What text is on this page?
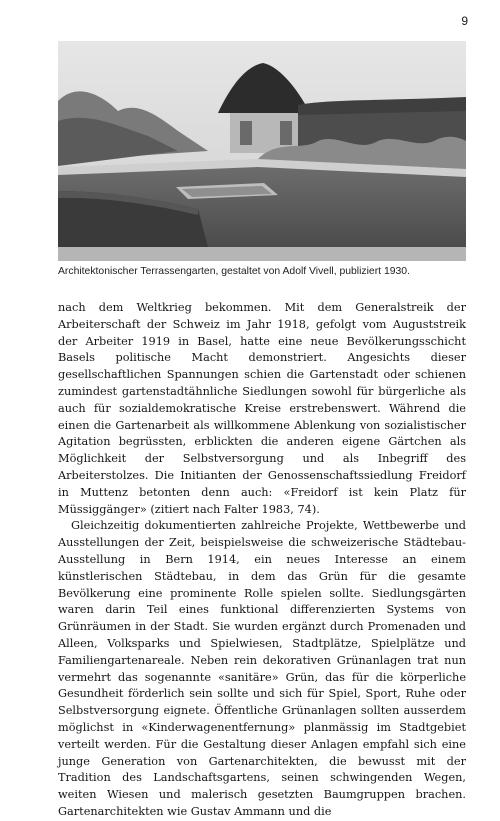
9
Architektonischer Terrassengarten, gestaltet von Adolf Vivell, publiziert 1930.

nach dem Weltkrieg bekommen. Mit dem Generalstreik der Arbeiterschaft der Schweiz im Jahr 1918, gefolgt vom Auguststreik der Arbeiter 1919 in Basel, hatte eine neue Bevölkerungsschicht Basels politische Macht demonstriert. Angesichts dieser gesellschaftlichen Spannungen schien die Gartenstadt oder schienen zumindest gartenstadtähnliche Siedlungen sowohl für bürgerliche als auch für sozialdemokratische Kreise erstrebenswert. Während die einen die Gartenarbeit als willkommene Ablenkung von sozialistischer Agitation begrüssten, erblickten die anderen eigene Gärtchen als Möglichkeit der Selbstversorgung und als Inbegriff des Arbeiterstolzes. Die Initianten der Genossenschaftssiedlung Freidorf in Muttenz betonten denn auch: «Freidorf ist kein Platz für Müssiggänger» (zitiert nach Falter 1983, 74).

Gleichzeitig dokumentierten zahlreiche Projekte, Wettbewerbe und Ausstellungen der Zeit, beispielsweise die schweizerische Städtebau-Ausstellung in Bern 1914, ein neues Interesse an einem künstlerischen Städtebau, in dem das Grün für die gesamte Bevölkerung eine prominente Rolle spielen sollte. Siedlungsgärten waren darin Teil eines funktional differenzierten Systems von Grünräumen in der Stadt. Sie wurden ergänzt durch Promenaden und Alleen, Volksparks und Spielwiesen, Stadtplätze, Spielplätze und Familiengartenareale. Neben rein dekorativen Grünanlagen trat nun vermehrt das sogenannte «sanitäre» Grün, das für die körperliche Gesundheit förderlich sein sollte und sich für Spiel, Sport, Ruhe oder Selbstversorgung eignete. Öffentliche Grünanlagen sollten ausserdem möglichst in «Kinderwagenentfernung» planmässig im Stadtgebiet verteilt werden. Für die Gestaltung dieser Anlagen empfahl sich eine junge Generation von Gartenarchitekten, die bewusst mit der Tradition des Landschaftsgartens, seinen schwingenden Wegen, weiten Wiesen und malerisch gesetzten Baumgruppen brachen. Gartenarchitekten wie Gustav Ammann und die
